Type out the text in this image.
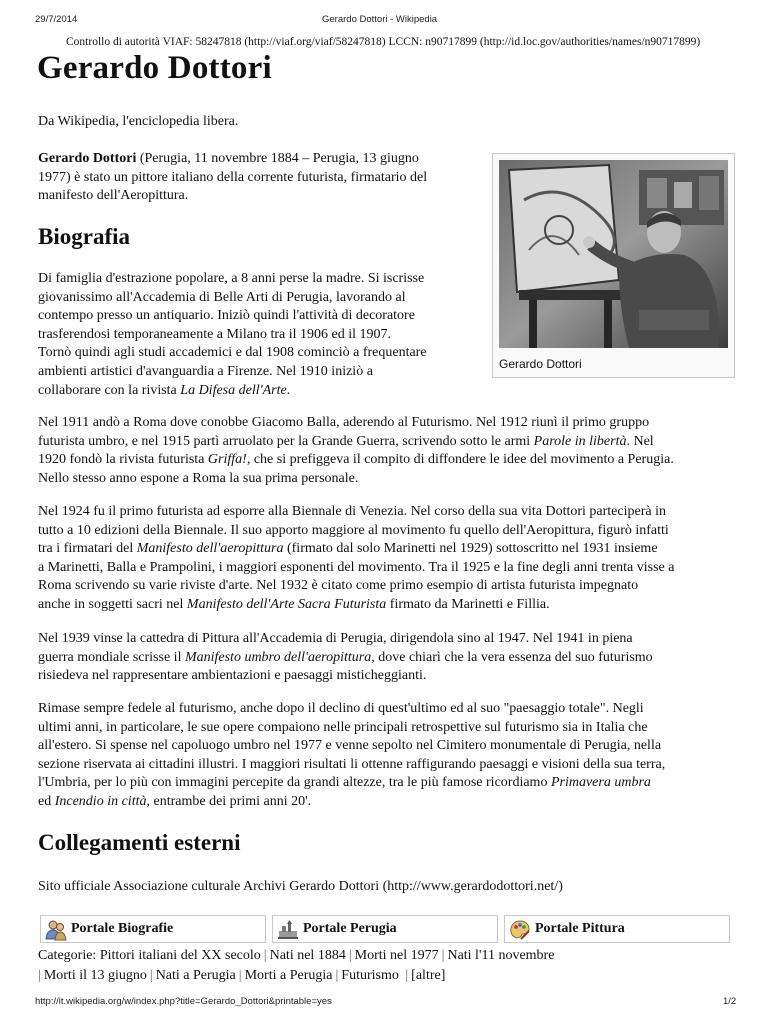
29/7/2014	Gerardo Dottori - Wikipedia
Controllo di autorità VIAF: 58247818 (http://viaf.org/viaf/58247818) LCCN: n90717899 (http://id.loc.gov/authorities/names/n90717899)
Gerardo Dottori
Da Wikipedia, l'enciclopedia libera.
Gerardo Dottori (Perugia, 11 novembre 1884 – Perugia, 13 giugno
1977) è stato un pittore italiano della corrente futurista, firmatario del
manifesto dell'Aeropittura.
Gerardo Dottori
Biografia
Di famiglia d'estrazione popolare, a 8 anni perse la madre. Si iscrisse
giovanissimo all'Accademia di Belle Arti di Perugia, lavorando al
contempo presso un antiquario. Iniziò quindi l'attività di decoratore
trasferendosi temporaneamente a Milano tra il 1906 ed il 1907.
Tornò quindi agli studi accademici e dal 1908 cominciò a frequentare
ambienti artistici d'avanguardia a Firenze. Nel 1910 iniziò a
collaborare con la rivista La Difesa dell'Arte.
Nel 1911 andò a Roma dove conobbe Giacomo Balla, aderendo al Futurismo. Nel 1912 riunì il primo gruppo
futurista umbro, e nel 1915 partì arruolato per la Grande Guerra, scrivendo sotto le armi Parole in libertà. Nel
1920 fondò la rivista futurista Griffa!, che si prefiggeva il compito di diffondere le idee del movimento a Perugia.
Nello stesso anno espone a Roma la sua prima personale.
Nel 1924 fu il primo futurista ad esporre alla Biennale di Venezia. Nel corso della sua vita Dottori parteciperà in
tutto a 10 edizioni della Biennale. Il suo apporto maggiore al movimento fu quello dell'Aeropittura, figurò infatti
tra i firmatari del Manifesto dell'aeropittura (firmato dal solo Marinetti nel 1929) sottoscritto nel 1931 insieme
a Marinetti, Balla e Prampolini, i maggiori esponenti del movimento. Tra il 1925 e la fine degli anni trenta visse a
Roma scrivendo su varie riviste d'arte. Nel 1932 è citato come primo esempio di artista futurista impegnato
anche in soggetti sacri nel Manifesto dell'Arte Sacra Futurista firmato da Marinetti e Fillia.
Nel 1939 vinse la cattedra di Pittura all'Accademia di Perugia, dirigendola sino al 1947. Nel 1941 in piena
guerra mondiale scrisse il Manifesto umbro dell'aeropittura, dove chiarì che la vera essenza del suo futurismo
risiedeva nel rappresentare ambientazioni e paesaggi misticheggianti.
Rimase sempre fedele al futurismo, anche dopo il declino di quest'ultimo ed al suo "paesaggio totale". Negli
ultimi anni, in particolare, le sue opere compaiono nelle principali retrospettive sul futurismo sia in Italia che
all'estero. Si spense nel capoluogo umbro nel 1977 e venne sepolto nel Cimitero monumentale di Perugia, nella
sezione riservata ai cittadini illustri. I maggiori risultati li ottenne raffigurando paesaggi e visioni della sua terra,
l'Umbria, per lo più con immagini percepite da grandi altezze, tra le più famose ricordiamo Primavera umbra
ed Incendio in città, entrambe dei primi anni 20'.
Collegamenti esterni
Sito ufficiale Associazione culturale Archivi Gerardo Dottori (http://www.gerardodottori.net/)
Portale Biografie	Portale Perugia	Portale Pittura
Categorie: Pittori italiani del XX secolo | Nati nel 1884 | Morti nel 1977 | Nati l'11 novembre
| Morti il 13 giugno | Nati a Perugia | Morti a Perugia | Futurismo | [altre]
http://it.wikipedia.org/w/index.php?title=Gerardo_Dottori&printable=yes	1/2
